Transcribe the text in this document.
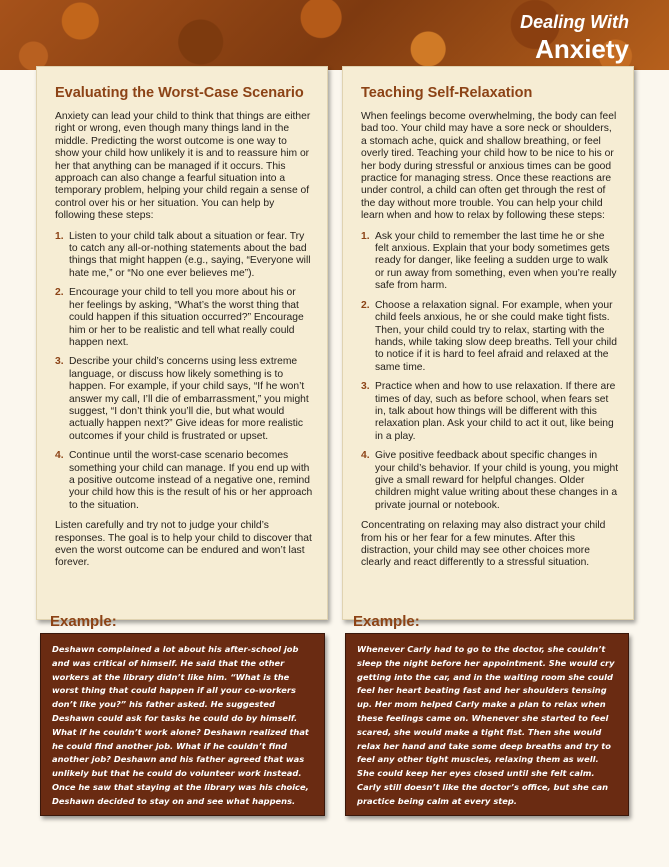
Dealing With
Anxiety
Evaluating the Worst-Case Scenario
Anxiety can lead your child to think that things are either right or wrong, even though many things land in the middle. Predicting the worst outcome is one way to show your child how unlikely it is and to reassure him or her that anything can be managed if it occurs. This approach can also change a fearful situation into a temporary problem, helping your child regain a sense of control over his or her situation. You can help by following these steps:
1. Listen to your child talk about a situation or fear. Try to catch any all-or-nothing statements about the bad things that might happen (e.g., saying, “Everyone will hate me,” or “No one ever believes me”).
2. Encourage your child to tell you more about his or her feelings by asking, “What’s the worst thing that could happen if this situation occurred?” Encourage him or her to be realistic and tell what really could happen next.
3. Describe your child’s concerns using less extreme language, or discuss how likely something is to happen. For example, if your child says, “If he won’t answer my call, I’ll die of embarrassment,” you might suggest, “I don’t think you’ll die, but what would actually happen next?” Give ideas for more realistic outcomes if your child is frustrated or upset.
4. Continue until the worst-case scenario becomes something your child can manage. If you end up with a positive outcome instead of a negative one, remind your child how this is the result of his or her approach to the situation.
Listen carefully and try not to judge your child’s responses. The goal is to help your child to discover that even the worst outcome can be endured and won’t last forever.
Teaching Self-Relaxation
When feelings become overwhelming, the body can feel bad too. Your child may have a sore neck or shoulders, a stomach ache, quick and shallow breathing, or feel overly tired. Teaching your child how to be nice to his or her body during stressful or anxious times can be good practice for managing stress. Once these reactions are under control, a child can often get through the rest of the day without more trouble. You can help your child learn when and how to relax by following these steps:
1. Ask your child to remember the last time he or she felt anxious. Explain that your body sometimes gets ready for danger, like feeling a sudden urge to walk or run away from something, even when you’re really safe from harm.
2. Choose a relaxation signal. For example, when your child feels anxious, he or she could make tight fists. Then, your child could try to relax, starting with the hands, while taking slow deep breaths. Tell your child to notice if it is hard to feel afraid and relaxed at the same time.
3. Practice when and how to use relaxation. If there are times of day, such as before school, when fears set in, talk about how things will be different with this relaxation plan. Ask your child to act it out, like being in a play.
4. Give positive feedback about specific changes in your child’s behavior. If your child is young, you might give a small reward for helpful changes. Older children might value writing about these changes in a private journal or notebook.
Concentrating on relaxing may also distract your child from his or her fear for a few minutes. After this distraction, your child may see other choices more clearly and react differently to a stressful situation.
Example:
Deshawn complained a lot about his after-school job and was critical of himself. He said that the other workers at the library didn’t like him. “What is the worst thing that could happen if all your co-workers don’t like you?” his father asked. He suggested Deshawn could ask for tasks he could do by himself. What if he couldn’t work alone? Deshawn realized that he could find another job. What if he couldn’t find another job? Deshawn and his father agreed that was unlikely but that he could do volunteer work instead. Once he saw that staying at the library was his choice, Deshawn decided to stay on and see what happens.
Example:
Whenever Carly had to go to the doctor, she couldn’t sleep the night before her appointment. She would cry getting into the car, and in the waiting room she could feel her heart beating fast and her shoulders tensing up. Her mom helped Carly make a plan to relax when these feelings came on. Whenever she started to feel scared, she would make a tight fist. Then she would relax her hand and take some deep breaths and try to feel any other tight muscles, relaxing them as well. She could keep her eyes closed until she felt calm. Carly still doesn’t like the doctor’s office, but she can practice being calm at every step.
